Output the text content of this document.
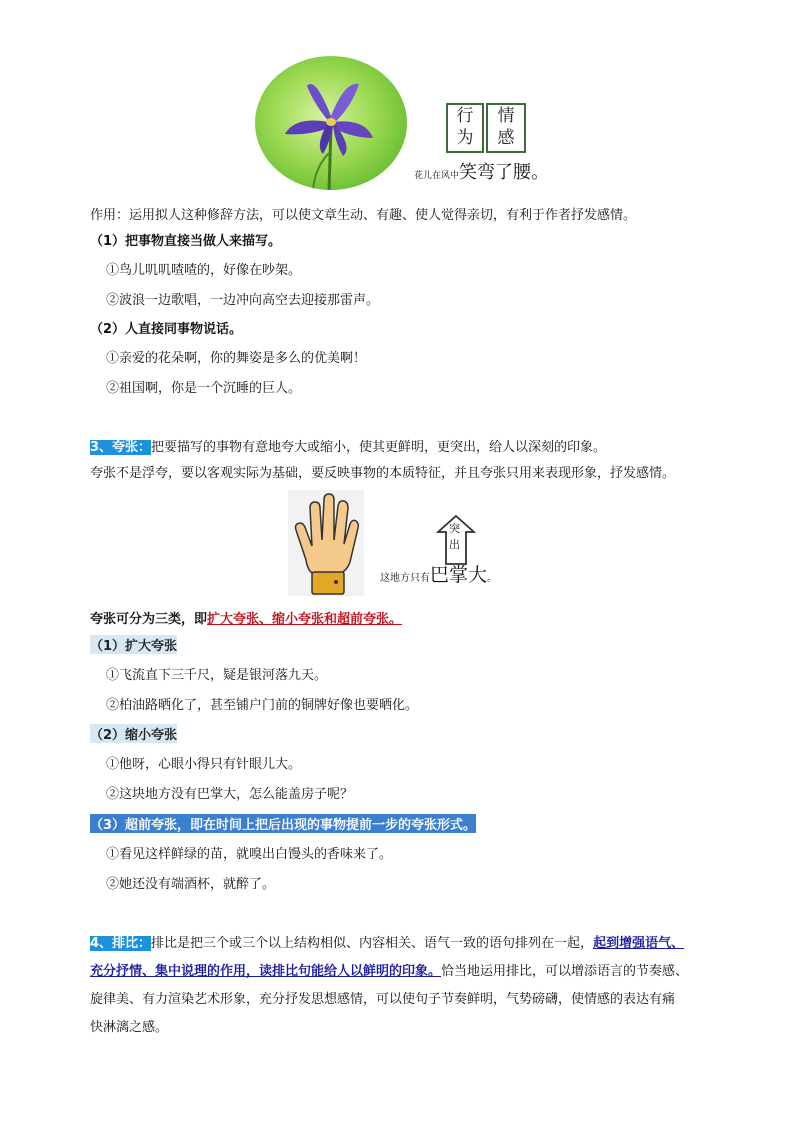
行
为
情
感
花儿在风中笑弯了腰。
作用：运用拟人这种修辞方法，可以使文章生动、有趣、使人觉得亲切，有利于作者抒发感情。
（1）把事物直接当做人来描写。
①鸟儿叽叽喳喳的，好像在吵架。
②波浪一边歌唱，一边冲向高空去迎接那雷声。
（2）人直接同事物说话。
①亲爱的花朵啊，你的舞姿是多么的优美啊！
②祖国啊，你是一个沉睡的巨人。
3、夸张：把要描写的事物有意地夸大或缩小，使其更鲜明，更突出，给人以深刻的印象。
夸张不是浮夸，要以客观实际为基础，要反映事物的本质特征，并且夸张只用来表现形象，抒发感情。
突
出
这地方只有巴掌大。
夸张可分为三类，即扩大夸张、缩小夸张和超前夸张。
（1）扩大夸张
①飞流直下三千尺，疑是银河落九天。
②柏油路晒化了，甚至铺户门前的铜牌好像也要晒化。
（2）缩小夸张
①他呀，心眼小得只有针眼儿大。
②这块地方没有巴掌大，怎么能盖房子呢？
（3）超前夸张，即在时间上把后出现的事物提前一步的夸张形式。
①看见这样鲜绿的苗，就嗅出白馒头的香味来了。
②她还没有端酒杯，就醉了。
4、排比：排比是把三个或三个以上结构相似、内容相关、语气一致的语句排列在一起，起到增强语气、
充分抒情、集中说理的作用，读排比句能给人以鲜明的印象。恰当地运用排比，可以增添语言的节奏感、
旋律美、有力渲染艺术形象，充分抒发思想感情，可以使句子节奏鲜明，气势磅礴，使情感的表达有痛
快淋漓之感。
